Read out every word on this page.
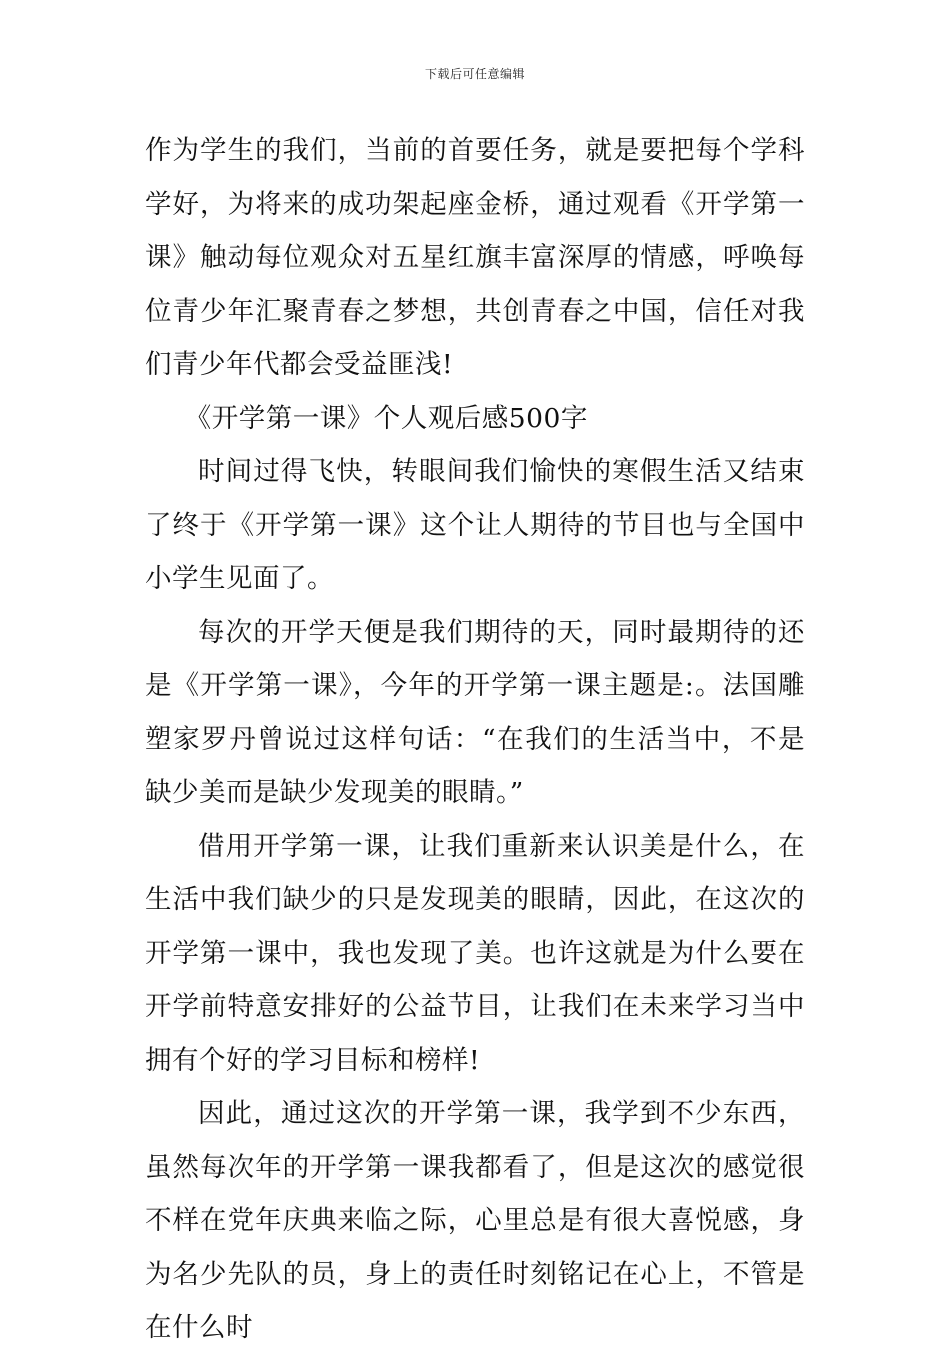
下载后可任意编辑

作为学生的我们，当前的首要任务，就是要把每个学科学好，为将来的成功架起座金桥，通过观看《开学第一课》触动每位观众对五星红旗丰富深厚的情感，呼唤每位青少年汇聚青春之梦想，共创青春之中国，信任对我们青少年代都会受益匪浅!

《开学第一课》个人观后感500字

时间过得飞快，转眼间我们愉快的寒假生活又结束了终于《开学第一课》这个让人期待的节目也与全国中小学生见面了。

每次的开学天便是我们期待的天，同时最期待的还是《开学第一课》，今年的开学第一课主题是:。法国雕塑家罗丹曾说过这样句话：“在我们的生活当中，不是缺少美而是缺少发现美的眼睛。”

借用开学第一课，让我们重新来认识美是什么，在生活中我们缺少的只是发现美的眼睛，因此，在这次的开学第一课中，我也发现了美。也许这就是为什么要在开学前特意安排好的公益节目，让我们在未来学习当中拥有个好的学习目标和榜样!

因此，通过这次的开学第一课，我学到不少东西，虽然每次年的开学第一课我都看了，但是这次的感觉很不样在党年庆典来临之际，心里总是有很大喜悦感，身为名少先队的员，身上的责任时刻铭记在心上，不管是在什么时
